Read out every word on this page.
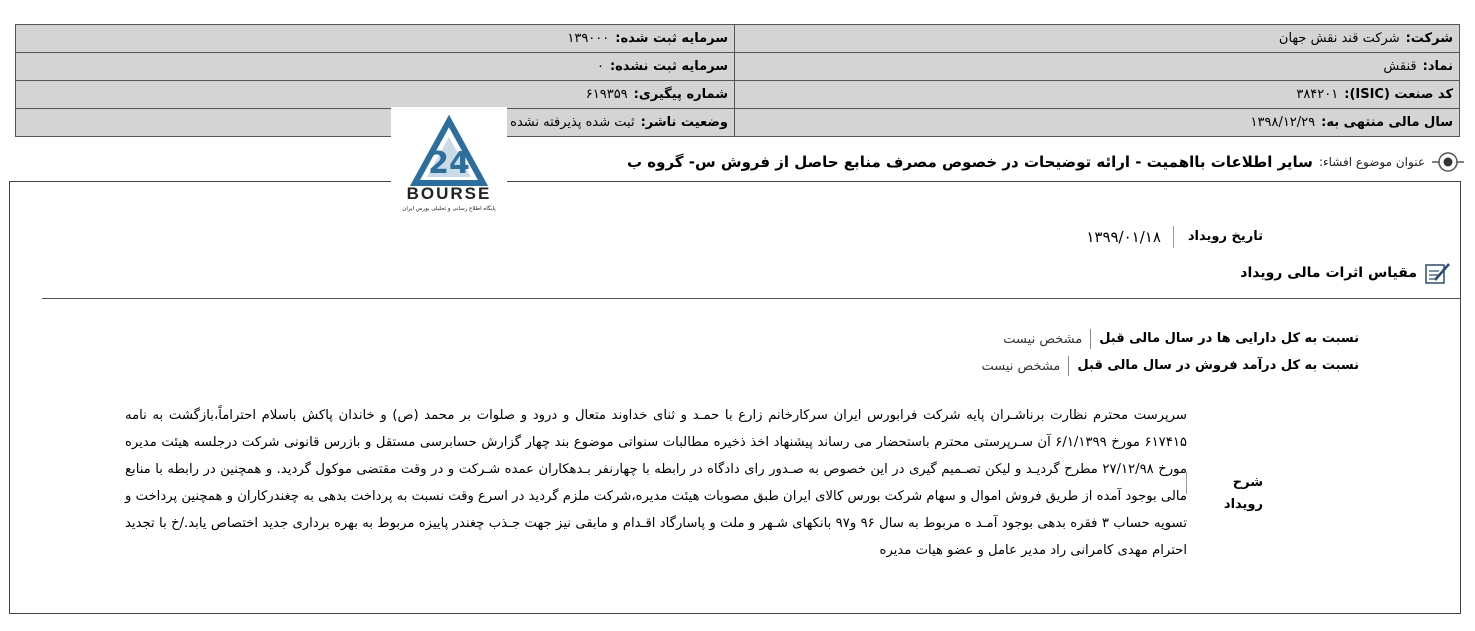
شرکت:شرکت قند نقش جهان	سرمایه ثبت شده:۱۳۹۰۰۰
نماد:قنقش	سرمایه ثبت نشده:۰
کد صنعت (ISIC):۳۸۴۲۰۱	شماره پیگیری:۶۱۹۳۵۹
سال مالی منتهی به:۱۳۹۸/۱۲/۲۹	وضعیت ناشر:ثبت شده پذیرفته نشده
عنوان موضوع افشاء:
سایر اطلاعات بااهمیت - ارائه توضیحات در خصوص مصرف منابع حاصل از فروش س- گروه ب
24
BOURSE
پایگاه اطلاع رسانی و تحلیلی بورس ایران
تاریخ رویداد
۱۳۹۹/۰۱/۱۸
مقیاس اثرات مالی رویداد
نسبت به کل دارایی ها در سال مالی قبل
مشخص نیست
نسبت به کل درآمد فروش در سال مالی قبل
مشخص نیست
شرح رویداد
سرپرست محترم نظارت برناشـران پایه شرکت فرابورس ایران سرکارخانم زارع با حمـد و ثنای خداوند متعال و درود و صلوات بر محمد (ص) و خاندان پاکش باسلام احتراماً،بازگشت به نامه ۶۱۷۴۱۵ مورخ ۶/۱/۱۳۹۹ آن سـرپرستی محترم باستحضار می رساند پیشنهاد اخذ ذخیره مطالبات سنواتی موضوع بند چهار گزارش حسابرسی مستقل و بازرس قانونی شرکت درجلسه هیئت مدیره مورخ ۲۷/۱۲/۹۸ مطرح گردیـد و لیکن تصـمیم گیری در این خصوص به صـدور رای دادگاه در رابطه با چهارنفر بـدهکاران عمده شـرکت و در وقت مقتضی موکول گردید. و همچنین در رابطه با منابع مالی بوجود آمده از طریق فروش اموال و سهام شرکت بورس کالای ایران طبق مصوبات هیئت مدیره،شرکت ملزم گردید در اسرع وقت نسبت به پرداخت بدهی به چغندرکاران و همچنین پرداخت و تسویه حساب ۳ فقره بدهی بوجود آمـد ه مربوط به سال ۹۶ و۹۷ بانکهای شـهر و ملت و پاسارگاد اقـدام و مابقی نیز جهت جـذب چغندر پاییزه مربوط به بهره برداری جدید اختصاص یابد./خ با تجدید احترام مهدی کامرانی راد مدیر عامل و عضو هیات مدیره
